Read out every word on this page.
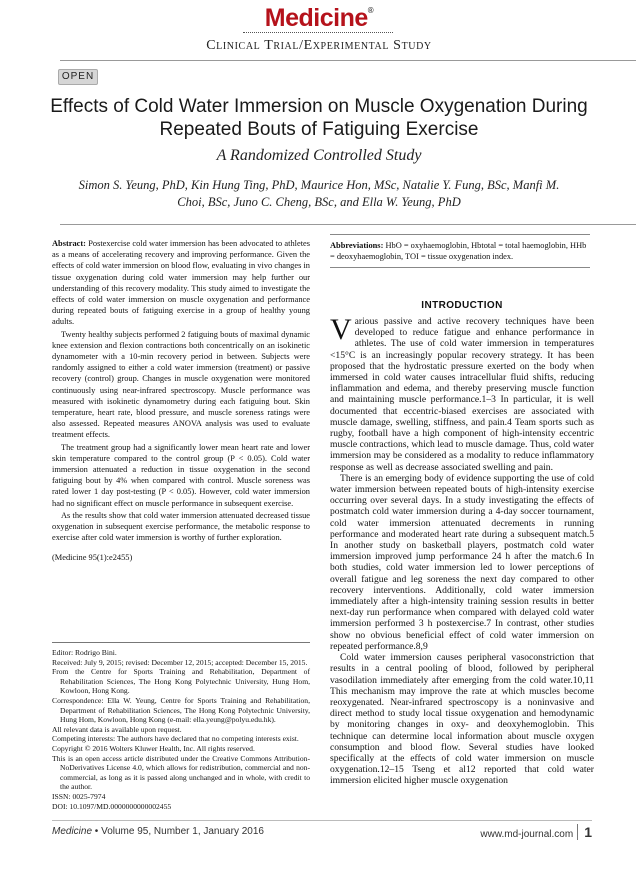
Medicine®
Clinical Trial/Experimental Study
OPEN
Effects of Cold Water Immersion on Muscle Oxygenation During Repeated Bouts of Fatiguing Exercise
A Randomized Controlled Study
Simon S. Yeung, PhD, Kin Hung Ting, PhD, Maurice Hon, MSc, Natalie Y. Fung, BSc, Manfi M. Choi, BSc, Juno C. Cheng, BSc, and Ella W. Yeung, PhD

Abstract: Postexercise cold water immersion has been advocated to athletes as a means of accelerating recovery and improving performance. Given the effects of cold water immersion on blood flow, evaluating in vivo changes in tissue oxygenation during cold water immersion may help further our understanding of this recovery modality. This study aimed to investigate the effects of cold water immersion on muscle oxygenation and performance during repeated bouts of fatiguing exercise in a group of healthy young adults.

Twenty healthy subjects performed 2 fatiguing bouts of maximal dynamic knee extension and flexion contractions both concentrically on an isokinetic dynamometer with a 10-min recovery period in between. Subjects were randomly assigned to either a cold water immersion (treatment) or passive recovery (control) group. Changes in muscle oxygenation were monitored continuously using near-infrared spectroscopy. Muscle performance was measured with isokinetic dynamometry during each fatiguing bout. Skin temperature, heart rate, blood pressure, and muscle soreness ratings were also assessed. Repeated measures ANOVA analysis was used to evaluate treatment effects.

The treatment group had a significantly lower mean heart rate and lower skin temperature compared to the control group (P < 0.05). Cold water immersion attenuated a reduction in tissue oxygenation in the second fatiguing bout by 4% when compared with control. Muscle soreness was rated lower 1 day post-testing (P < 0.05). However, cold water immersion had no significant effect on muscle performance in subsequent exercise.

As the results show that cold water immersion attenuated decreased tissue oxygenation in subsequent exercise performance, the metabolic response to exercise after cold water immersion is worthy of further exploration.

(Medicine 95(1):e2455)

Editor: Rodrigo Bini.
Received: July 9, 2015; revised: December 12, 2015; accepted: December 15, 2015.
From the Centre for Sports Training and Rehabilitation, Department of Rehabilitation Sciences, The Hong Kong Polytechnic University, Hung Hom, Kowloon, Hong Kong.
Correspondence: Ella W. Yeung, Centre for Sports Training and Rehabilitation, Department of Rehabilitation Sciences, The Hong Kong Polytechnic University, Hung Hom, Kowloon, Hong Kong (e-mail: ella.yeung@polyu.edu.hk).
All relevant data is available upon request.
Competing interests: The authors have declared that no competing interests exist.
Copyright © 2016 Wolters Kluwer Health, Inc. All rights reserved.
This is an open access article distributed under the Creative Commons Attribution-NoDerivatives License 4.0, which allows for redistribution, commercial and non-commercial, as long as it is passed along unchanged and in whole, with credit to the author.
ISSN: 0025-7974
DOI: 10.1097/MD.0000000000002455
Abbreviations: HbO = oxyhaemoglobin, Hbtotal = total haemoglobin, HHb = deoxyhaemoglobin, TOI = tissue oxygenation index.
INTRODUCTION

Various passive and active recovery techniques have been developed to reduce fatigue and enhance performance in athletes. The use of cold water immersion in temperatures <15°C is an increasingly popular recovery strategy. It has been proposed that the hydrostatic pressure exerted on the body when immersed in cold water causes intracellular fluid shifts, reducing inflammation and edema, and thereby preserving muscle function and maintaining muscle performance.1–3 In particular, it is well documented that eccentric-biased exercises are associated with muscle damage, swelling, stiffness, and pain.4 Team sports such as rugby, football have a high component of high-intensity eccentric muscle contractions, which lead to muscle damage. Thus, cold water immersion may be considered as a modality to reduce inflammatory response as well as decrease associated swelling and pain.

There is an emerging body of evidence supporting the use of cold water immersion between repeated bouts of high-intensity exercise occurring over several days. In a study investigating the effects of postmatch cold water immersion during a 4-day soccer tournament, cold water immersion attenuated decrements in running performance and moderated heart rate during a subsequent match.5 In another study on basketball players, postmatch cold water immersion improved jump performance 24 h after the match.6 In both studies, cold water immersion led to lower perceptions of overall fatigue and leg soreness the next day compared to other recovery interventions. Additionally, cold water immersion immediately after a high-intensity training session results in better next-day run performance when compared with delayed cold water immersion performed 3 h postexercise.7 In contrast, other studies show no obvious beneficial effect of cold water immersion on repeated performance.8,9

Cold water immersion causes peripheral vasoconstriction that results in a central pooling of blood, followed by peripheral vasodilation immediately after emerging from the cold water.10,11 This mechanism may improve the rate at which muscles become reoxygenated. Near-infrared spectroscopy is a noninvasive and direct method to study local tissue oxygenation and hemodynamic by monitoring changes in oxy- and deoxyhemoglobin. This technique can determine local information about muscle oxygen consumption and blood flow. Several studies have looked specifically at the effects of cold water immersion on muscle oxygenation.12–15 Tseng et al12 reported that cold water immersion elicited higher muscle oxygenation

Medicine • Volume 95, Number 1, January 2016	www.md-journal.com 1
